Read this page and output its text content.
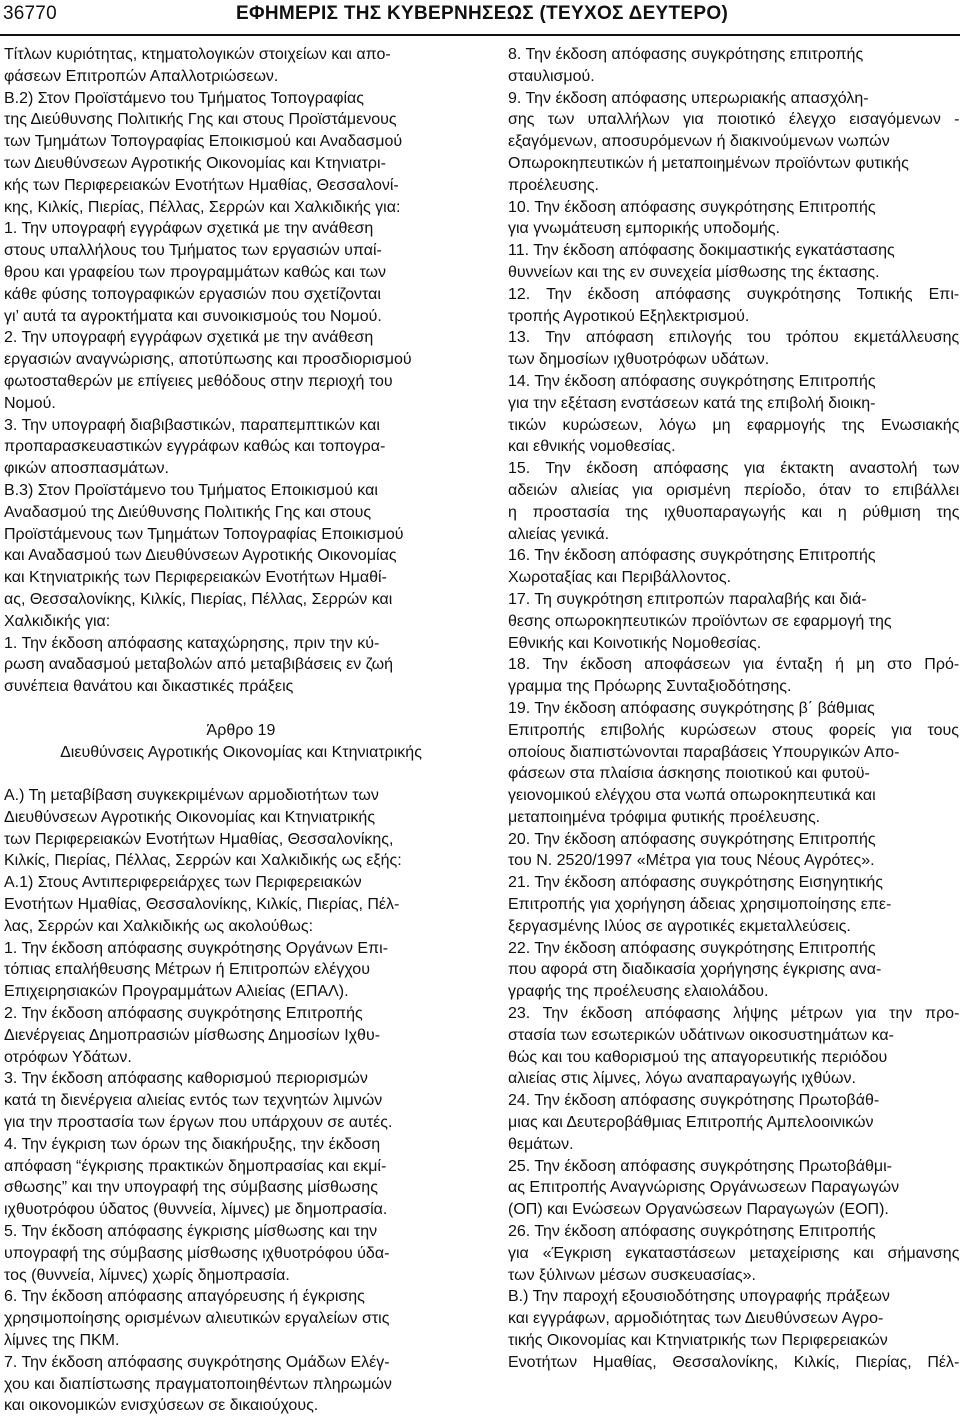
36770	ΕΦΗΜΕΡΙΣ ΤΗΣ ΚΥΒΕΡΝΗΣΕΩΣ (ΤΕΥΧΟΣ ΔΕΥΤΕΡΟ)
Τίτλων κυριότητας, κτηματολογικών στοιχείων και απο-
φάσεων Επιτροπών Απαλλοτριώσεων.
Β.2) Στον Προϊστάμενο του Τμήματος Τοπογραφίας
της Διεύθυνσης Πολιτικής Γης και στους Προϊστάμενους
των Τμημάτων Τοπογραφίας Εποικισμού και Αναδασμού
των Διευθύνσεων Αγροτικής Οικονομίας και Κτηνιατρι-
κής των Περιφερειακών Ενοτήτων Ημαθίας, Θεσσαλονί-
κης, Κιλκίς, Πιερίας, Πέλλας, Σερρών και Χαλκιδικής για:
1. Την υπογραφή εγγράφων σχετικά με την ανάθεση
στους υπαλλήλους του Τμήματος των εργασιών υπαί-
θρου και γραφείου των προγραμμάτων καθώς και των
κάθε φύσης τοπογραφικών εργασιών που σχετίζονται
γι’ αυτά τα αγροκτήματα και συνοικισμούς του Νομού.
2. Την υπογραφή εγγράφων σχετικά με την ανάθεση
εργασιών αναγνώρισης, αποτύπωσης και προσδιορισμού
φωτοσταθερών με επίγειες μεθόδους στην περιοχή του
Νομού.
3. Την υπογραφή διαβιβαστικών, παραπεμπτικών και
προπαρασκευαστικών εγγράφων καθώς και τοπογρα-
φικών αποσπασμάτων.
Β.3) Στον Προϊστάμενο του Τμήματος Εποικισμού και
Αναδασμού της Διεύθυνσης Πολιτικής Γης και στους
Προϊστάμενους των Τμημάτων Τοπογραφίας Εποικισμού
και Αναδασμού των Διευθύνσεων Αγροτικής Οικονομίας
και Κτηνιατρικής των Περιφερειακών Ενοτήτων Ημαθί-
ας, Θεσσαλονίκης, Κιλκίς, Πιερίας, Πέλλας, Σερρών και
Χαλκιδικής για:
1. Την έκδοση απόφασης καταχώρησης, πριν την κύ-
ρωση αναδασμού μεταβολών από μεταβιβάσεις εν ζωή
συνέπεια θανάτου και δικαστικές πράξεις
Άρθρο 19
Διευθύνσεις Αγροτικής Οικονομίας και Κτηνιατρικής
Α.) Τη μεταβίβαση συγκεκριμένων αρμοδιοτήτων των
Διευθύνσεων Αγροτικής Οικονομίας και Κτηνιατρικής
των Περιφερειακών Ενοτήτων Ημαθίας, Θεσσαλονίκης,
Κιλκίς, Πιερίας, Πέλλας, Σερρών και Χαλκιδικής ως εξής:
Α.1) Στους Αντιπεριφερειάρχες των Περιφερειακών
Ενοτήτων Ημαθίας, Θεσσαλονίκης, Κιλκίς, Πιερίας, Πέλ-
λας, Σερρών και Χαλκιδικής ως ακολούθως:
1. Την έκδοση απόφασης συγκρότησης Οργάνων Επι-
τόπιας επαλήθευσης Μέτρων ή Επιτροπών ελέγχου
Επιχειρησιακών Προγραμμάτων Αλιείας (ΕΠΑΛ).
2. Την έκδοση απόφασης συγκρότησης Επιτροπής
Διενέργειας Δημοπρασιών μίσθωσης Δημοσίων Ιχθυ-
οτρόφων Υδάτων.
3. Την έκδοση απόφασης καθορισμού περιορισμών
κατά τη διενέργεια αλιείας εντός των τεχνητών λιμνών
για την προστασία των έργων που υπάρχουν σε αυτές.
4. Την έγκριση των όρων της διακήρυξης, την έκδοση
απόφαση “έγκρισης πρακτικών δημοπρασίας και εκμί-
σθωσης” και την υπογραφή της σύμβασης μίσθωσης
ιχθυοτρόφου ύδατος (θυννεία, λίμνες) με δημοπρασία.
5. Την έκδοση απόφασης έγκρισης μίσθωσης και την
υπογραφή της σύμβασης μίσθωσης ιχθυοτρόφου ύδα-
τος (θυννεία, λίμνες) χωρίς δημοπρασία.
6. Την έκδοση απόφασης απαγόρευσης ή έγκρισης
χρησιμοποίησης ορισμένων αλιευτικών εργαλείων στις
λίμνες της ΠΚΜ.
7. Την έκδοση απόφασης συγκρότησης Ομάδων Ελέγ-
χου και διαπίστωσης πραγματοποιηθέντων πληρωμών
και οικονομικών ενισχύσεων σε δικαιούχους.
8. Την έκδοση απόφασης συγκρότησης επιτροπής
σταυλισμού.
9. Την έκδοση απόφασης υπερωριακής απασχόλη-
σης των υπαλλήλων για ποιοτικό έλεγχο εισαγόμενων -
εξαγόμενων, αποσυρόμενων ή διακινούμενων νωπών
Οπωροκηπευτικών ή μεταποιημένων προϊόντων φυτικής
προέλευσης.
10. Την έκδοση απόφασης συγκρότησης Επιτροπής
για γνωμάτευση εμπορικής υποδομής.
11. Την έκδοση απόφασης δοκιμαστικής εγκατάστασης
θυννείων και της εν συνεχεία μίσθωσης της έκτασης.
12. Την έκδοση απόφασης συγκρότησης Τοπικής Επι-
τροπής Αγροτικού Εξηλεκτρισμού.
13. Την απόφαση επιλογής του τρόπου εκμετάλλευσης
των δημοσίων ιχθυοτρόφων υδάτων.
14. Την έκδοση απόφασης συγκρότησης Επιτροπής
για την εξέταση ενστάσεων κατά της επιβολή διοικη-
τικών κυρώσεων, λόγω μη εφαρμογής της Ενωσιακής
και εθνικής νομοθεσίας.
15. Την έκδοση απόφασης για έκτακτη αναστολή των
αδειών αλιείας για ορισμένη περίοδο, όταν το επιβάλλει
η προστασία της ιχθυοπαραγωγής και η ρύθμιση της
αλιείας γενικά.
16. Την έκδοση απόφασης συγκρότησης Επιτροπής
Χωροταξίας και Περιβάλλοντος.
17. Τη συγκρότηση επιτροπών παραλαβής και διά-
θεσης οπωροκηπευτικών προϊόντων σε εφαρμογή της
Εθνικής και Κοινοτικής Νομοθεσίας.
18. Την έκδοση αποφάσεων για ένταξη ή μη στο Πρό-
γραμμα της Πρόωρης Συνταξιοδότησης.
19. Την έκδοση απόφασης συγκρότησης β΄ βάθμιας
Επιτροπής επιβολής κυρώσεων στους φορείς για τους
οποίους διαπιστώνονται παραβάσεις Υπουργικών Απο-
φάσεων στα πλαίσια άσκησης ποιοτικού και φυτοϋ-
γειονομικού ελέγχου στα νωπά οπωροκηπευτικά και
μεταποιημένα τρόφιμα φυτικής προέλευσης.
20. Την έκδοση απόφασης συγκρότησης Επιτροπής
του Ν. 2520/1997 «Μέτρα για τους Νέους Αγρότες».
21. Την έκδοση απόφασης συγκρότησης Εισηγητικής
Επιτροπής για χορήγηση άδειας χρησιμοποίησης επε-
ξεργασμένης Ιλύος σε αγροτικές εκμεταλλεύσεις.
22. Την έκδοση απόφασης συγκρότησης Επιτροπής
που αφορά στη διαδικασία χορήγησης έγκρισης ανα-
γραφής της προέλευσης ελαιολάδου.
23. Την έκδοση απόφασης λήψης μέτρων για την προ-
στασία των εσωτερικών υδάτινων οικοσυστημάτων κα-
θώς και του καθορισμού της απαγορευτικής περιόδου
αλιείας στις λίμνες, λόγω αναπαραγωγής ιχθύων.
24. Την έκδοση απόφασης συγκρότησης Πρωτοβάθ-
μιας και Δευτεροβάθμιας Επιτροπής Αμπελοοινικών
θεμάτων.
25. Την έκδοση απόφασης συγκρότησης Πρωτοβάθμι-
ας Επιτροπής Αναγνώρισης Οργάνωσεων Παραγωγών
(ΟΠ) και Ενώσεων Οργανώσεων Παραγωγών (ΕΟΠ).
26. Την έκδοση απόφασης συγκρότησης Επιτροπής
για «Έγκριση εγκαταστάσεων μεταχείρισης και σήμανσης
των ξύλινων μέσων συσκευασίας».
Β.) Την παροχή εξουσιοδότησης υπογραφής πράξεων
και εγγράφων, αρμοδιότητας των Διευθύνσεων Αγρο-
τικής Οικονομίας και Κτηνιατρικής των Περιφερειακών
Ενοτήτων Ημαθίας, Θεσσαλονίκης, Κιλκίς, Πιερίας, Πέλ-
